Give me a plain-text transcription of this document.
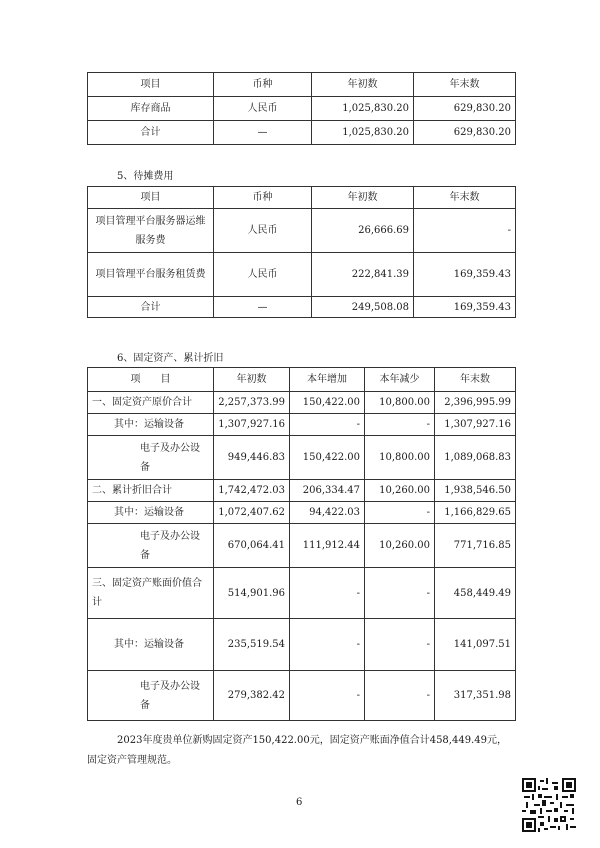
项目	币种	年初数	年末数
库存商品	人民币	1,025,830.20	629,830.20
合计	—	1,025,830.20	629,830.20
5、待摊费用
项目	币种	年初数	年末数
项目管理平台服务器运维服务费	人民币	26,666.69	-
项目管理平台服务租赁费	人民币	222,841.39	169,359.43
合计	—	249,508.08	169,359.43
6、固定资产、累计折旧
项　　目	年初数	本年增加	本年减少	年末数
一、固定资产原价合计	2,257,373.99	150,422.00	10,800.00	2,396,995.99
其中：运输设备	1,307,927.16	-	-	1,307,927.16
电子及办公设备	949,446.83	150,422.00	10,800.00	1,089,068.83
二、累计折旧合计	1,742,472.03	206,334.47	10,260.00	1,938,546.50
其中：运输设备	1,072,407.62	94,422.03	-	1,166,829.65
电子及办公设备	670,064.41	111,912.44	10,260.00	771,716.85
三、固定资产账面价值合计	514,901.96	-	-	458,449.49
其中：运输设备	235,519.54	-	-	141,097.51
电子及办公设备	279,382.42	-	-	317,351.98
2023年度贵单位新购固定资产150,422.00元，固定资产账面净值合计458,449.49元，
固定资产管理规范。
6
